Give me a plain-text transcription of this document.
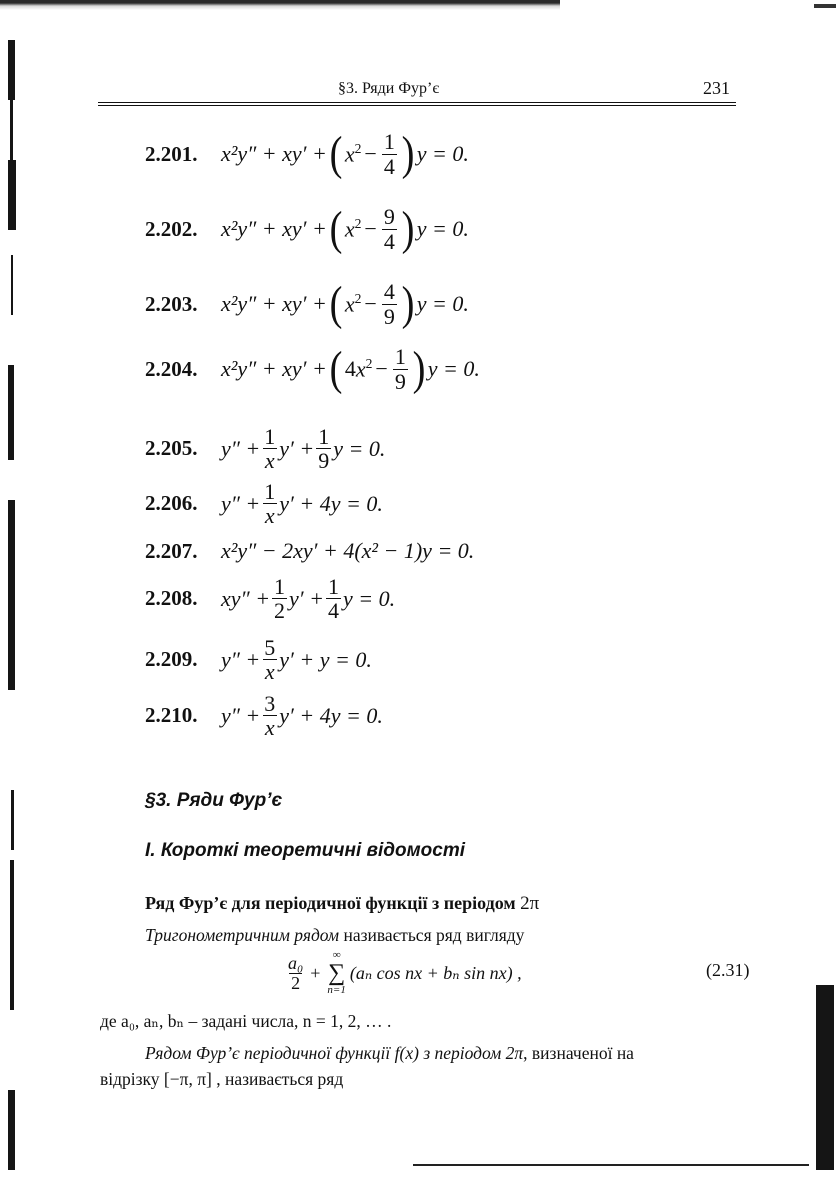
§3. Ряди Фур’є	231
2.201.	x²y″ + xy′ + ( $x^2 - \frac{1}{4}$ ) y = 0.
2.202.	x²y″ + xy′ + ( $x^2 - \frac{9}{4}$ ) y = 0.
2.203.	x²y″ + xy′ + ( $x^2 - \frac{4}{9}$ ) y = 0.
2.204.	x²y″ + xy′ + ( 4 $x^2 - \frac{1}{9}$ ) y = 0.
2.205.	$y'' + \frac{1}{x} y' + \frac{1}{9}$ y = 0.
2.206.	$y'' + \frac{1}{x} y' + 4y = 0$.
2.207.	x²y″ − 2xy′ + 4(x² − 1)y = 0.
2.208.	$xy'' + \frac{1}{2} y' + \frac{1}{4}$ y = 0.
2.209.	$y'' + \frac{5}{x} y' + y = 0$.
2.210.	$y'' + \frac{3}{x} y' + 4y = 0$.
§3. Ряди Фур’є
I. Короткі теоретичні відомості
Ряд Фур’є для періодичної функції з періодом 2π
Тригонометричним рядом називається ряд вигляду
$\frac{\text{a₀}}{2}$ +
∞
∑
n=1
(aₙ cos nx + bₙ sin nx) ,	(2.31)
де a₀, aₙ, bₙ – задані числа, n = 1, 2, … .
Рядом Фур’є періодичної функції f(x) з періодом 2π, визначеної на
відрізку [−π, π] , називається ряд
